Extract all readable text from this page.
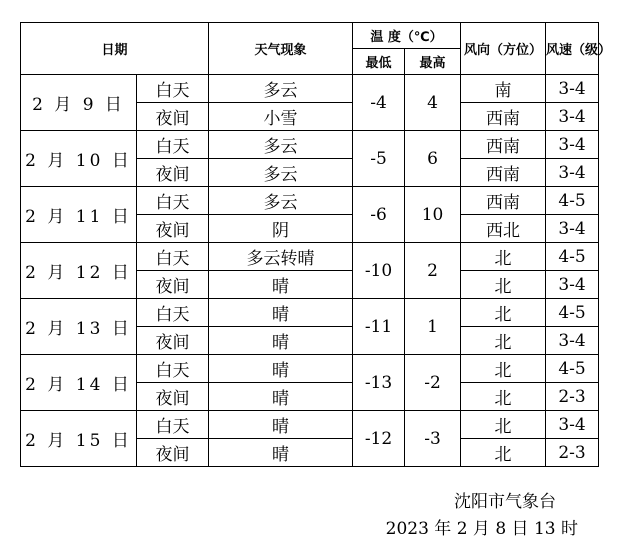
日期		天气现象	温 度（℃）		风向（方位）	风速（级）
			最低	最高		
2 月 9 日	白天	多云	-4	4	南	3-4
	夜间	小雪			西南	3-4
2 月 10 日	白天	多云	-5	6	西南	3-4
	夜间	多云			西南	3-4
2 月 11 日	白天	多云	-6	10	西南	4-5
	夜间	阴			西北	3-4
2 月 12 日	白天	多云转晴	-10	2	北	4-5
	夜间	晴			北	3-4
2 月 13 日	白天	晴	-11	1	北	4-5
	夜间	晴			北	3-4
2 月 14 日	白天	晴	-13	-2	北	4-5
	夜间	晴			北	2-3
2 月 15 日	白天	晴	-12	-3	北	3-4
	夜间	晴			北	2-3
沈阳市气象台
2023 年 2 月 8 日 13 时
